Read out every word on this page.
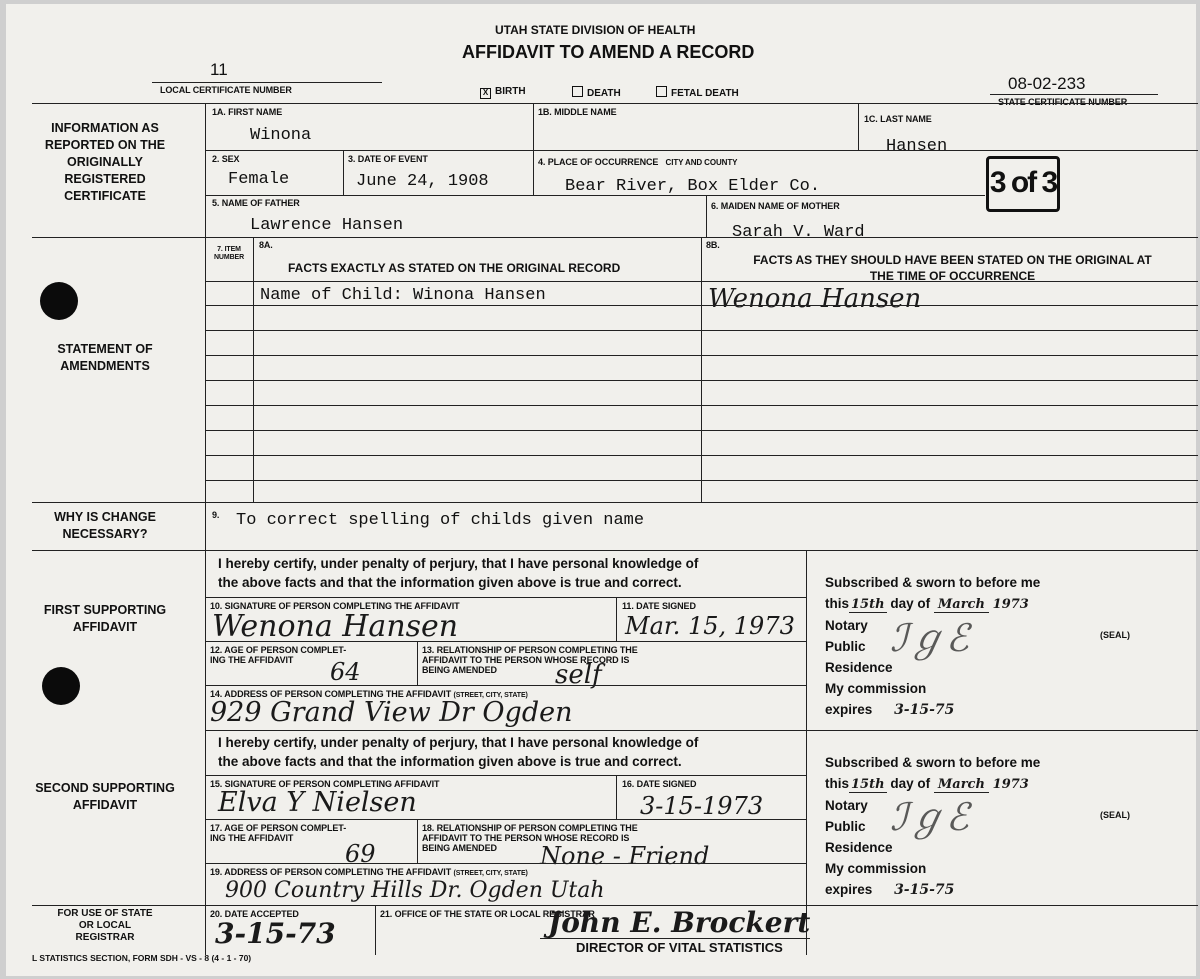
UTAH STATE DIVISION OF HEALTH
AFFIDAVIT TO AMEND A RECORD
11
LOCAL CERTIFICATE NUMBER	X BIRTH	DEATH	FETAL DEATH
08-02-233
STATE CERTIFICATE NUMBER
INFORMATION AS REPORTED ON THE ORIGINALLY REGISTERED CERTIFICATE
1A. FIRST NAME
Winona
1B. MIDDLE NAME
1C. LAST NAME
Hansen
2. SEX
Female
3. DATE OF EVENT
June 24, 1908
4. PLACE OF OCCURRENCE CITY AND COUNTY
Bear River, Box Elder Co.
5. NAME OF FATHER
Lawrence Hansen
6. MAIDEN NAME OF MOTHER
Sarah V. Ward
3 of 3
STATEMENT OF AMENDMENTS
7. ITEM NUMBER
8A.
FACTS EXACTLY AS STATED ON THE ORIGINAL RECORD
8B.
FACTS AS THEY SHOULD HAVE BEEN STATED ON THE ORIGINAL AT THE TIME OF OCCURRENCE
Name of Child: Winona Hansen	Wenona Hansen
WHY IS CHANGE NECESSARY?
9. To correct spelling of childs given name
FIRST SUPPORTING AFFIDAVIT
I hereby certify, under penalty of perjury, that I have personal knowledge of
the above facts and that the information given above is true and correct.
10. SIGNATURE OF PERSON COMPLETING THE AFFIDAVIT
Wenona Hansen
11. DATE SIGNED
Mar. 15, 1973
12. AGE OF PERSON COMPLET-
ING THE AFFIDAVIT	64
13. RELATIONSHIP OF PERSON COMPLETING THE
AFFIDAVIT TO THE PERSON WHOSE RECORD IS
BEING AMENDED	self
14. ADDRESS OF PERSON COMPLETING THE AFFIDAVIT (STREET, CITY, STATE)
929 Grand View Dr Ogden
Subscribed & sworn to before me
this 15th day of March 1973
Notary
Public
Residence
My commission
expires 3-15-75
(SEAL)
ℐℊℰ
SECOND SUPPORTING AFFIDAVIT
I hereby certify, under penalty of perjury, that I have personal knowledge of
the above facts and that the information given above is true and correct.
15. SIGNATURE OF PERSON COMPLETING AFFIDAVIT
Elva Y Nielsen
16. DATE SIGNED
3-15-1973
17. AGE OF PERSON COMPLET-
ING THE AFFIDAVIT
69
18. RELATIONSHIP OF PERSON COMPLETING THE
AFFIDAVIT TO THE PERSON WHOSE RECORD IS
BEING AMENDED	None - Friend
19. ADDRESS OF PERSON COMPLETING THE AFFIDAVIT (STREET, CITY, STATE)
900 Country Hills Dr. Ogden Utah
Subscribed & sworn to before me
this 15th day of March 1973
Notary
Public
Residence
My commission
expires 3-15-75
(SEAL)
ℐℊℰ
FOR USE OF STATE OR LOCAL REGISTRAR
20. DATE ACCEPTED
3-15-73
21. OFFICE OF THE STATE OR LOCAL REGISTRAR
John E. Brockert
DIRECTOR OF VITAL STATISTICS
L STATISTICS SECTION, FORM SDH - VS - 8 (4 - 1 - 70)
